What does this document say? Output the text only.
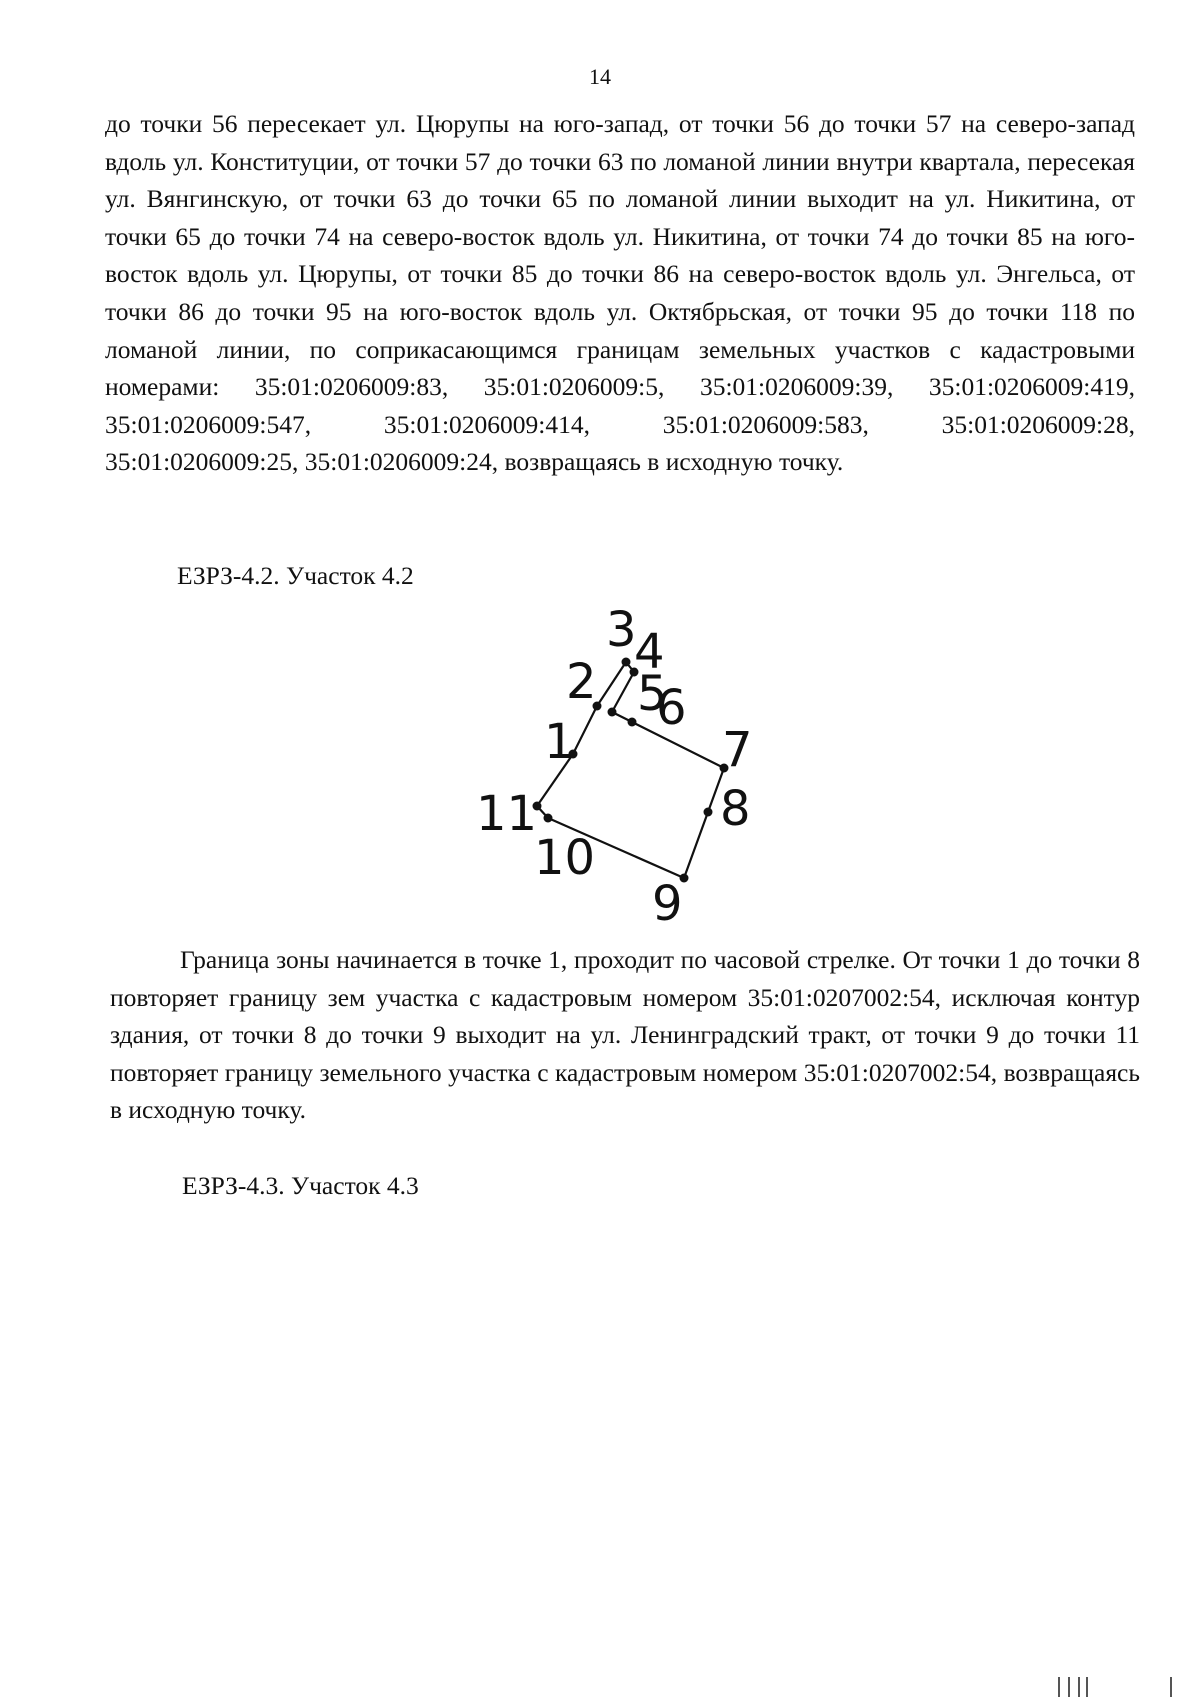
14

до точки 56 пересекает ул. Цюрупы на юго-запад, от точки 56 до точки 57 на северо-запад вдоль ул. Конституции, от точки 57 до точки 63 по ломаной линии внутри квартала, пересекая ул. Вянгинскую, от точки 63 до точки 65 по ломаной линии выходит на ул. Никитина, от точки 65 до точки 74 на северо-восток вдоль ул. Никитина, от точки 74 до точки 85 на юго-восток вдоль ул. Цюрупы, от точки 85 до точки 86 на северо-восток вдоль ул. Энгельса, от точки 86 до точки 95 на юго-восток вдоль ул. Октябрьская, от точки 95 до точки 118 по ломаной линии, по соприкасающимся границам земельных участков с кадастровыми номерами: 35:01:0206009:83, 35:01:0206009:5, 35:01:0206009:39, 35:01:0206009:419, 35:01:0206009:547, 35:01:0206009:414, 35:01:0206009:583, 35:01:0206009:28, 35:01:0206009:25, 35:01:0206009:24, возвращаясь в исходную точку.

ЕЗРЗ-4.2. Участок 4.2
1
2
3
4
5
6
7
8
9
10
11

Граница зоны начинается в точке 1, проходит по часовой стрелке. От точки 1 до точки 8 повторяет границу зем участка с кадастровым номером 35:01:0207002:54, исключая контур здания, от точки 8 до точки 9 выходит на ул. Ленинградский тракт, от точки 9 до точки 11 повторяет границу земельного участка с кадастровым номером 35:01:0207002:54, возвращаясь в исходную точку.

ЕЗРЗ-4.3. Участок 4.3
